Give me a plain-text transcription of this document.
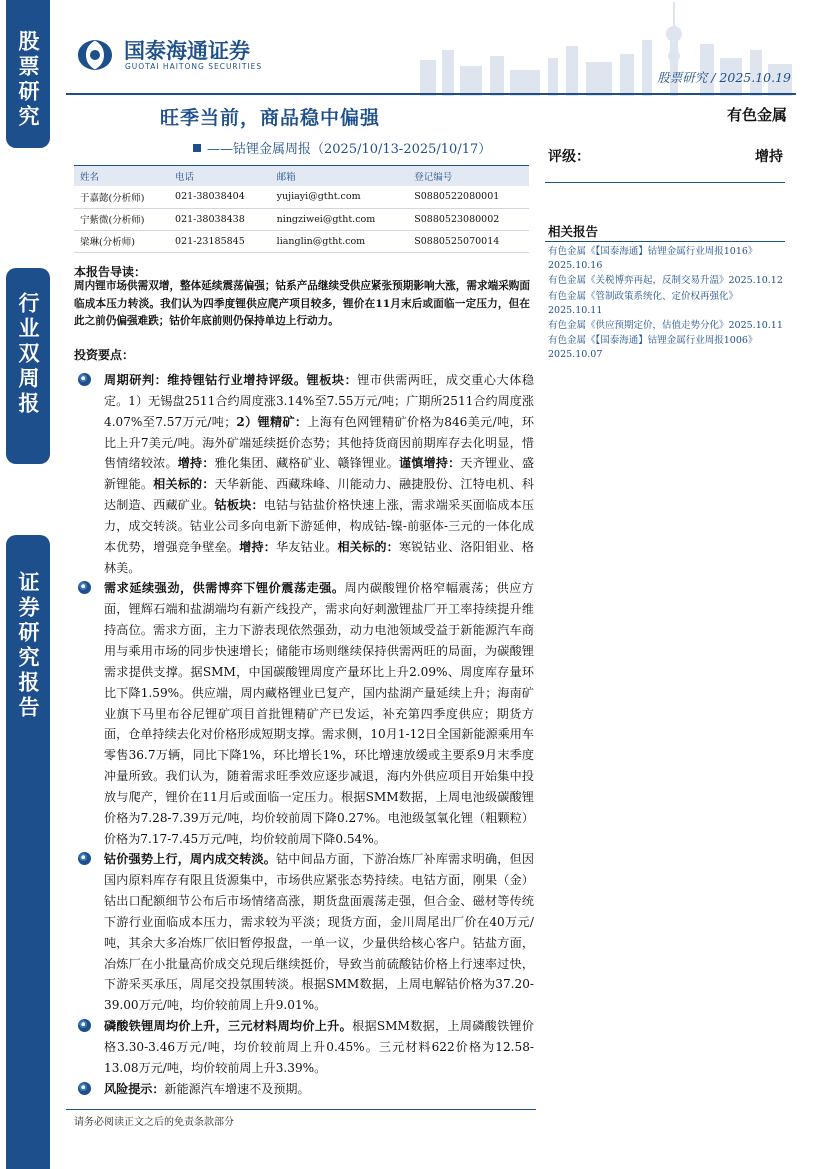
股票研究
行业双周报
证券研究报告
国泰海通证券
GUOTAI HAITONG SECURITIES
股票研究 / 2025.10.19
旺季当前，商品稳中偏强	有色金属
——钴锂金属周报（2025/10/13-2025/10/17）	评级：	增持
姓名	电话	邮箱	登记编号
于嘉懿(分析师)	021-38038404	yujiayi@gtht.com	S0880522080001
宁紫微(分析师)	021-38038438	ningziwei@gtht.com	S0880523080002
梁琳(分析师)	021-23185845	lianglin@gtht.com	S0880525070014
相关报告
有色金属《【国泰海通】钴锂金属行业周报1016》2025.10.16
有色金属《关税博弈再起，反制交易升温》2025.10.12
有色金属《管制政策系统化、定价权再强化》2025.10.11
有色金属《供应预期定价，估值走势分化》2025.10.11
有色金属《【国泰海通】钴锂金属行业周报1006》2025.10.07
本报告导读：
周内锂市场供需双增，整体延续震荡偏强；钴系产品继续受供应紧张预期影响大涨，需求端采购面临成本压力转淡。我们认为四季度锂供应爬产项目较多，锂价在11月末后或面临一定压力，但在此之前仍偏强难跌；钴价年底前则仍保持单边上行动力。
投资要点：
周期研判：维持锂钴行业增持评级。锂板块：锂市供需两旺，成交重心大体稳定。1）无锡盘2511合约周度涨3.14%至7.55万元/吨；广期所2511合约周度涨4.07%至7.57万元/吨；2）锂精矿：上海有色网锂精矿价格为846美元/吨，环比上升7美元/吨。海外矿端延续挺价态势；其他持货商因前期库存去化明显，惜售情绪较浓。增持：雅化集团、藏格矿业、赣锋锂业。谨慎增持：天齐锂业、盛新锂能。相关标的：天华新能、西藏珠峰、川能动力、融捷股份、江特电机、科达制造、西藏矿业。钴板块：电钴与钴盐价格快速上涨，需求端采买面临成本压力，成交转淡。钴业公司多向电新下游延伸，构成钴-镍-前驱体-三元的一体化成本优势，增强竞争壁垒。增持：华友钴业。相关标的：寒锐钴业、洛阳钼业、格林美。
需求延续强劲，供需博弈下锂价震荡走强。周内碳酸锂价格窄幅震荡；供应方面，锂辉石端和盐湖端均有新产线投产，需求向好刺激锂盐厂开工率持续提升维持高位。需求方面，主力下游表现依然强劲，动力电池领域受益于新能源汽车商用与乘用市场的同步快速增长；储能市场则继续保持供需两旺的局面，为碳酸锂需求提供支撑。据SMM，中国碳酸锂周度产量环比上升2.09%、周度库存量环比下降1.59%。供应端，周内藏格锂业已复产，国内盐湖产量延续上升；海南矿业旗下马里布谷尼锂矿项目首批锂精矿产已发运，补充第四季度供应；期货方面，仓单持续去化对价格形成短期支撑。需求侧，10月1-12日全国新能源乘用车零售36.7万辆，同比下降1%，环比增长1%，环比增速放缓或主要系9月末季度冲量所致。我们认为，随着需求旺季效应逐步减退，海内外供应项目开始集中投放与爬产，锂价在11月后或面临一定压力。根据SMM数据，上周电池级碳酸锂价格为7.28-7.39万元/吨，均价较前周下降0.27%。电池级氢氧化锂（粗颗粒）价格为7.17-7.45万元/吨，均价较前周下降0.54%。
钴价强势上行，周内成交转淡。钴中间品方面，下游冶炼厂补库需求明确，但因国内原料库存有限且货源集中，市场供应紧张态势持续。电钴方面，刚果（金）钴出口配额细节公布后市场情绪高涨，期货盘面震荡走强，但合金、磁材等传统下游行业面临成本压力，需求较为平淡；现货方面，金川周尾出厂价在40万元/吨，其余大多冶炼厂依旧暂停报盘，一单一议，少量供给核心客户。钴盐方面，冶炼厂在小批量高价成交兑现后继续挺价，导致当前硫酸钴价格上行速率过快，下游采买承压，周尾交投氛围转淡。根据SMM数据，上周电解钴价格为37.20-39.00万元/吨，均价较前周上升9.01%。
磷酸铁锂周均价上升，三元材料周均价上升。根据SMM数据，上周磷酸铁锂价格3.30-3.46万元/吨，均价较前周上升0.45%。三元材料622价格为12.58-13.08万元/吨，均价较前周上升3.39%。
风险提示：新能源汽车增速不及预期。
请务必阅读正文之后的免责条款部分
